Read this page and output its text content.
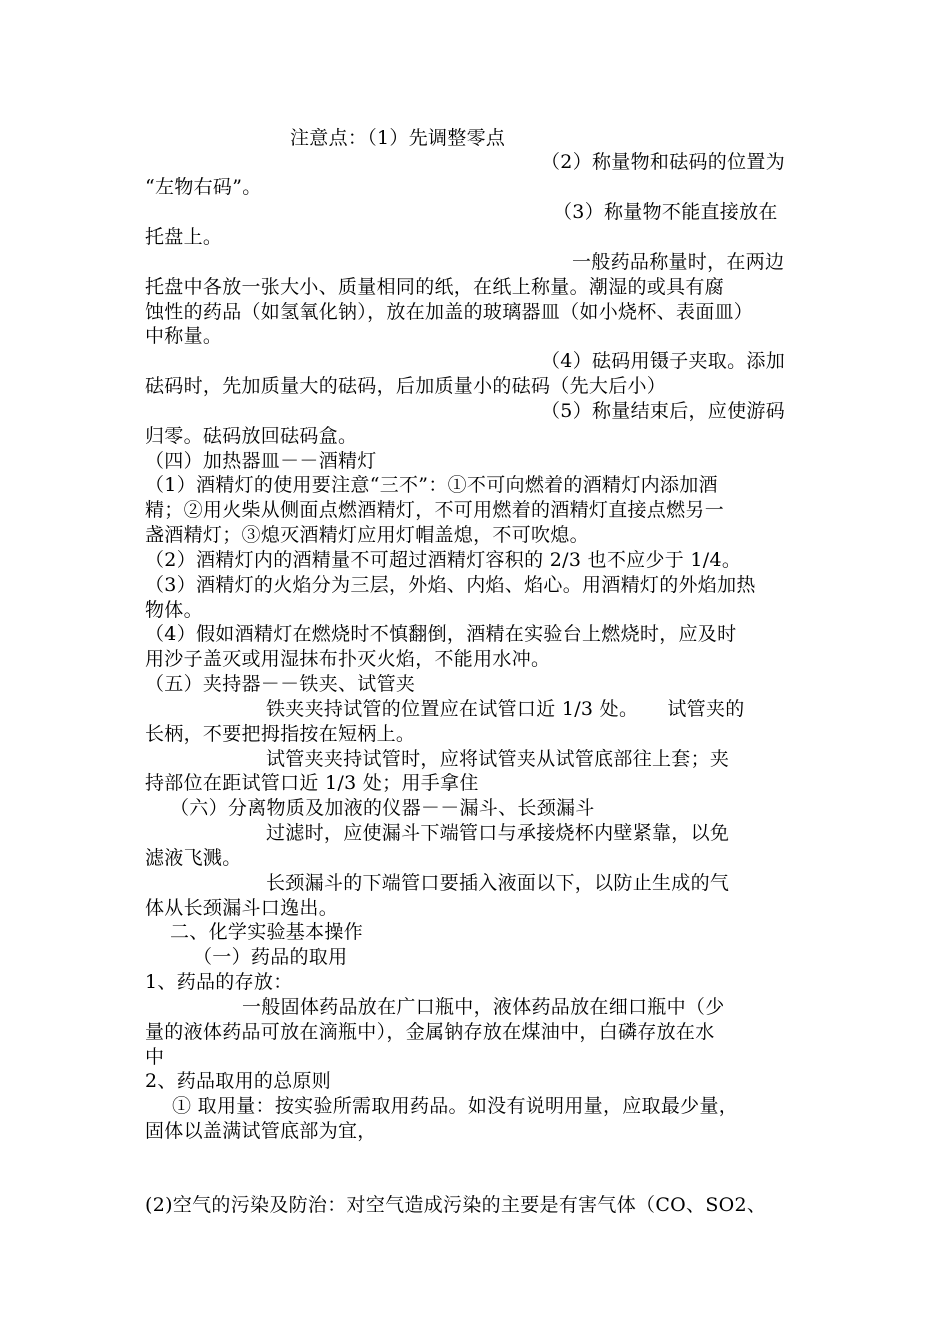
注意点：（1）先调整零点
（2）称量物和砝码的位置为
“左物右码”。
（3）称量物不能直接放在
托盘上。
一般药品称量时，在两边
托盘中各放一张大小、质量相同的纸，在纸上称量。潮湿的或具有腐
蚀性的药品（如氢氧化钠），放在加盖的玻璃器皿（如小烧杯、表面皿）
中称量。
（4）砝码用镊子夹取。添加
砝码时，先加质量大的砝码，后加质量小的砝码（先大后小）
（5）称量结束后，应使游码
归零。砝码放回砝码盒。
（四）加热器皿－－酒精灯
（1）酒精灯的使用要注意“三不”：①不可向燃着的酒精灯内添加酒
精；②用火柴从侧面点燃酒精灯，不可用燃着的酒精灯直接点燃另一
盏酒精灯；③熄灭酒精灯应用灯帽盖熄，不可吹熄。
（2）酒精灯内的酒精量不可超过酒精灯容积的 2/3 也不应少于 1/4。
（3）酒精灯的火焰分为三层，外焰、内焰、焰心。用酒精灯的外焰加热
物体。
（4）假如酒精灯在燃烧时不慎翻倒，酒精在实验台上燃烧时，应及时
用沙子盖灭或用湿抹布扑灭火焰，不能用水冲。
（五）夹持器－－铁夹、试管夹
铁夹夹持试管的位置应在试管口近 1/3 处。　　试管夹的
长柄，不要把拇指按在短柄上。
试管夹夹持试管时，应将试管夹从试管底部往上套；夹
持部位在距试管口近 1/3 处；用手拿住
（六）分离物质及加液的仪器－－漏斗、长颈漏斗
过滤时，应使漏斗下端管口与承接烧杯内壁紧靠，以免
滤液飞溅。
长颈漏斗的下端管口要插入液面以下，以防止生成的气
体从长颈漏斗口逸出。
二、化学实验基本操作
（一）药品的取用
1、药品的存放：
一般固体药品放在广口瓶中，液体药品放在细口瓶中（少
量的液体药品可放在滴瓶中），金属钠存放在煤油中，白磷存放在水
中
2、药品取用的总原则
① 取用量：按实验所需取用药品。如没有说明用量，应取最少量，
固体以盖满试管底部为宜，
(2)空气的污染及防治：对空气造成污染的主要是有害气体（CO、SO2、
